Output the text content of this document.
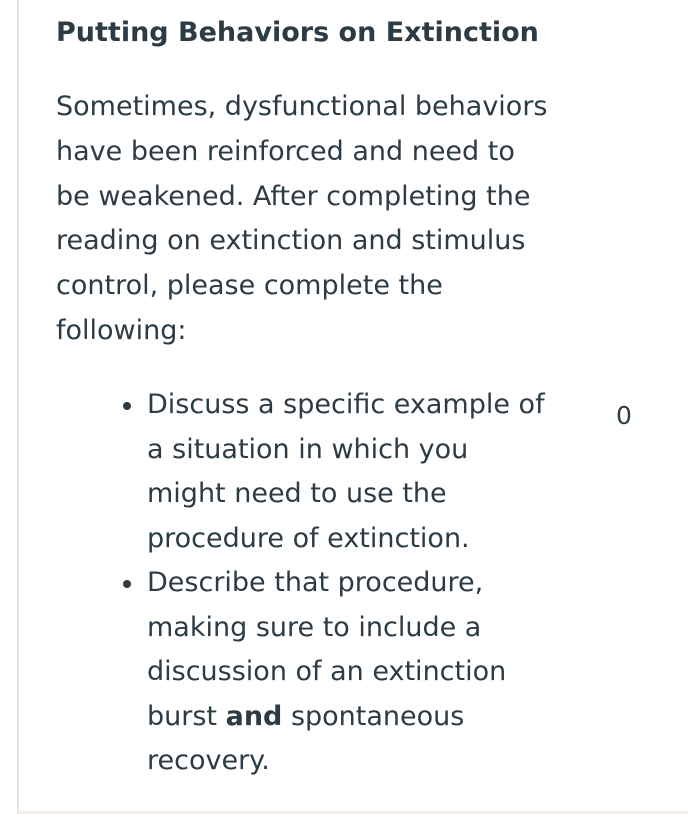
Putting Behaviors on Extinction

Sometimes, dysfunctional behaviors
have been reinforced and need to
be weakened. After completing the
reading on extinction and stimulus
control, please complete the
following:

Discuss a specific example of
a situation in which you
might need to use the
procedure of extinction.
Describe that procedure,
making sure to include a
discussion of an extinction
burst and spontaneous
recovery.
0
